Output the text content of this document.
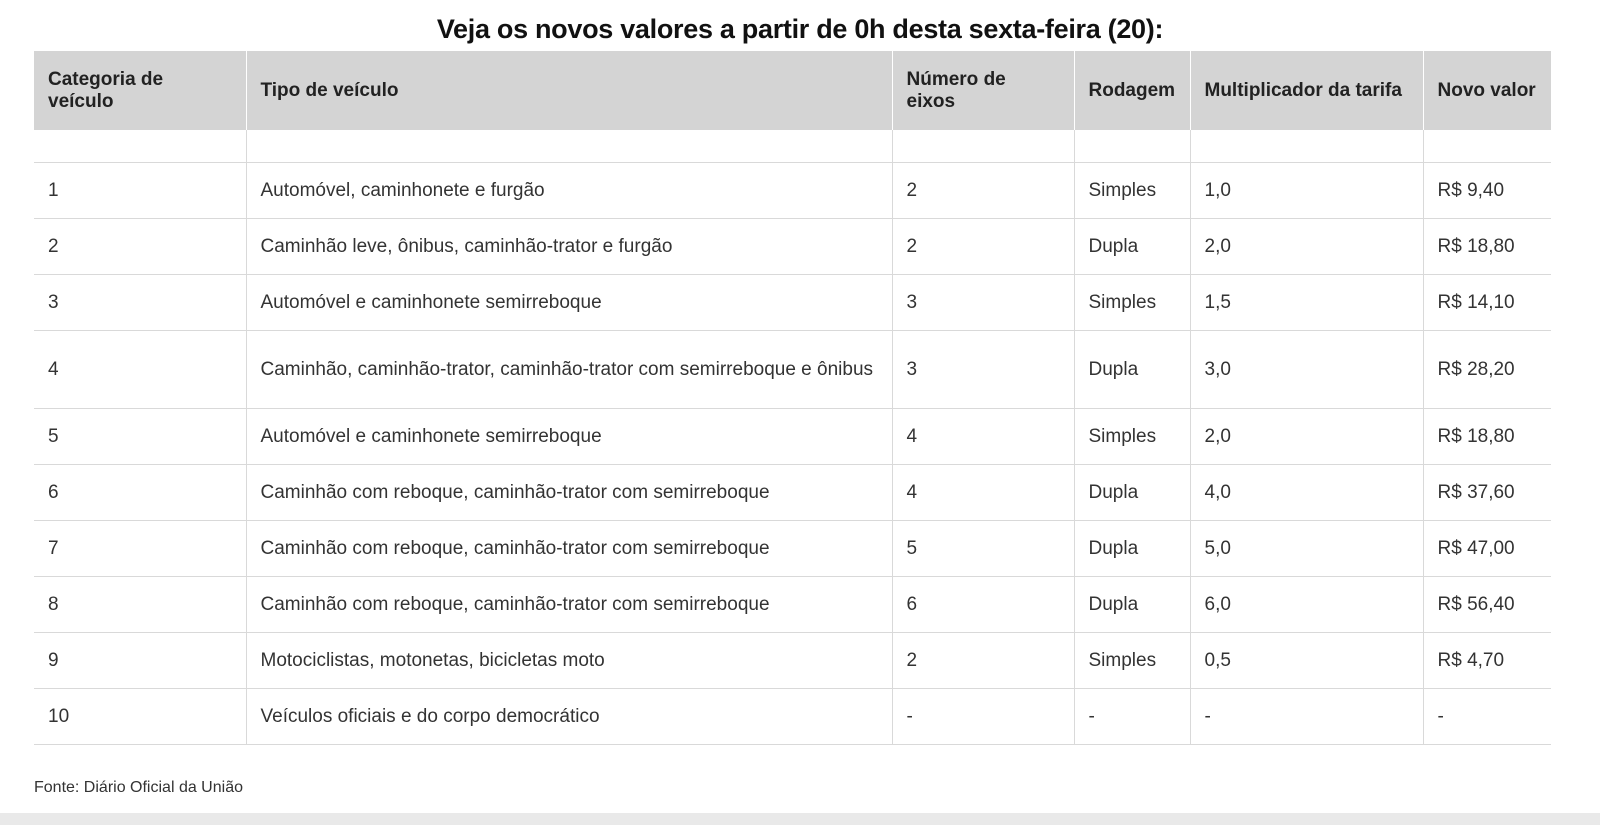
Veja os novos valores a partir de 0h desta sexta-feira (20):
Categoria de veículo	Tipo de veículo	Número de eixos	Rodagem	Multiplicador da tarifa	Novo valor

1	Automóvel, caminhonete e furgão	2	Simples	1,0	R$ 9,40
2	Caminhão leve, ônibus, caminhão-trator e furgão	2	Dupla	2,0	R$ 18,80
3	Automóvel e caminhonete semirreboque	3	Simples	1,5	R$ 14,10
4	Caminhão, caminhão-trator, caminhão-trator com semirreboque e ônibus	3	Dupla	3,0	R$ 28,20
5	Automóvel e caminhonete semirreboque	4	Simples	2,0	R$ 18,80
6	Caminhão com reboque, caminhão-trator com semirreboque	4	Dupla	4,0	R$ 37,60
7	Caminhão com reboque, caminhão-trator com semirreboque	5	Dupla	5,0	R$ 47,00
8	Caminhão com reboque, caminhão-trator com semirreboque	6	Dupla	6,0	R$ 56,40
9	Motociclistas, motonetas, bicicletas moto	2	Simples	0,5	R$ 4,70
10	Veículos oficiais e do corpo democrático	-	-	-	-
Fonte: Diário Oficial da União
